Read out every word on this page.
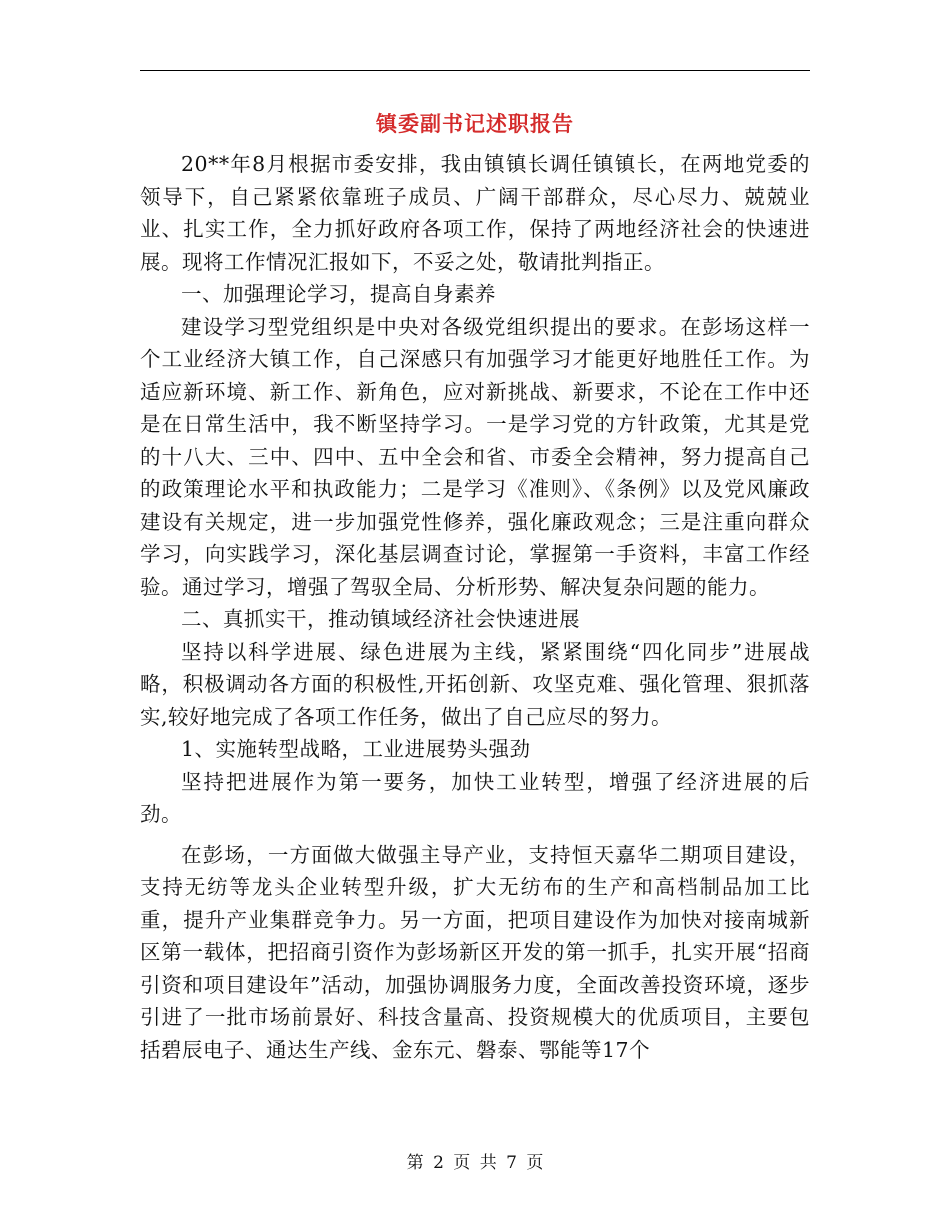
镇委副书记述职报告

20**年8月根据市委安排，我由镇镇长调任镇镇长，在两地党委的领导下，自己紧紧依靠班子成员、广阔干部群众，尽心尽力、兢兢业业、扎实工作，全力抓好政府各项工作，保持了两地经济社会的快速进展。现将工作情况汇报如下，不妥之处，敬请批判指正。

一、加强理论学习，提高自身素养

建设学习型党组织是中央对各级党组织提出的要求。在彭场这样一个工业经济大镇工作，自己深感只有加强学习才能更好地胜任工作。为适应新环境、新工作、新角色，应对新挑战、新要求，不论在工作中还是在日常生活中，我不断坚持学习。一是学习党的方针政策，尤其是党的十八大、三中、四中、五中全会和省、市委全会精神，努力提高自己的政策理论水平和执政能力；二是学习《准则》、《条例》以及党风廉政建设有关规定，进一步加强党性修养，强化廉政观念；三是注重向群众学习，向实践学习，深化基层调查讨论，掌握第一手资料，丰富工作经验。通过学习，增强了驾驭全局、分析形势、解决复杂问题的能力。

二、真抓实干，推动镇域经济社会快速进展

坚持以科学进展、绿色进展为主线，紧紧围绕“四化同步”进展战略，积极调动各方面的积极性,开拓创新、攻坚克难、强化管理、狠抓落实,较好地完成了各项工作任务，做出了自己应尽的努力。

1、实施转型战略，工业进展势头强劲

坚持把进展作为第一要务，加快工业转型，增强了经济进展的后劲。

在彭场，一方面做大做强主导产业，支持恒天嘉华二期项目建设，支持无纺等龙头企业转型升级，扩大无纺布的生产和高档制品加工比重，提升产业集群竞争力。另一方面，把项目建设作为加快对接南城新区第一载体，把招商引资作为彭场新区开发的第一抓手，扎实开展“招商引资和项目建设年”活动，加强协调服务力度，全面改善投资环境，逐步引进了一批市场前景好、科技含量高、投资规模大的优质项目，主要包括碧辰电子、通达生产线、金东元、磐泰、鄂能等17个

第 2 页 共 7 页
